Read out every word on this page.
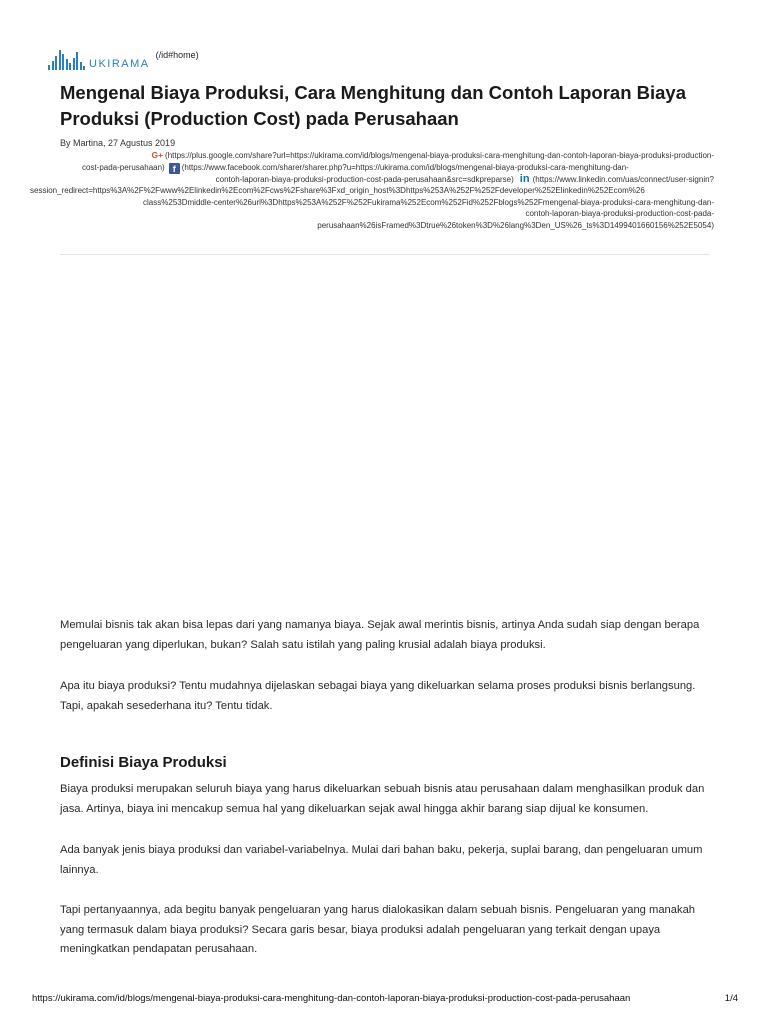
UKIRAMA
(/id#home)
Mengenal Biaya Produksi, Cara Menghitung dan Contoh Laporan Biaya Produksi (Production Cost) pada Perusahaan
By Martina, 27 Agustus 2019
G+ (https://plus.google.com/share?url=https://ukirama.com/id/blogs/mengenal-biaya-produksi-cara-menghitung-dan-contoh-laporan-biaya-produksi-production-
cost-pada-perusahaan) f (https://www.facebook.com/sharer/sharer.php?u=https://ukirama.com/id/blogs/mengenal-biaya-produksi-cara-menghitung-dan-
contoh-laporan-biaya-produksi-production-cost-pada-perusahaan&src=sdkpreparse) in (https://www.linkedin.com/uas/connect/user-signin?
session_redirect=https%3A%2F%2Fwww%2Elinkedin%2Ecom%2Fcws%2Fshare%3Fxd_origin_host%3Dhttps%253A%252F%252Fdeveloper%252Elinkedin%252Ecom%26
class%253Dmiddle-center%26url%3Dhttps%253A%252F%252Fukirama%252Ecom%252Fid%252Fblogs%252Fmengenal-biaya-produksi-cara-menghitung-dan-
contoh-laporan-biaya-produksi-production-cost-pada-
perusahaan%26isFramed%3Dtrue%26token%3D%26lang%3Den_US%26_ts%3D1499401660156%252E5054)

Memulai bisnis tak akan bisa lepas dari yang namanya biaya. Sejak awal merintis bisnis, artinya Anda sudah siap dengan berapa pengeluaran yang diperlukan, bukan? Salah satu istilah yang paling krusial adalah biaya produksi.

Apa itu biaya produksi? Tentu mudahnya dijelaskan sebagai biaya yang dikeluarkan selama proses produksi bisnis berlangsung. Tapi, apakah sesederhana itu? Tentu tidak.

Definisi Biaya Produksi

Biaya produksi merupakan seluruh biaya yang harus dikeluarkan sebuah bisnis atau perusahaan dalam menghasilkan produk dan jasa. Artinya, biaya ini mencakup semua hal yang dikeluarkan sejak awal hingga akhir barang siap dijual ke konsumen.

Ada banyak jenis biaya produksi dan variabel-variabelnya. Mulai dari bahan baku, pekerja, suplai barang, dan pengeluaran umum lainnya.

Tapi pertanyaannya, ada begitu banyak pengeluaran yang harus dialokasikan dalam sebuah bisnis. Pengeluaran yang manakah yang termasuk dalam biaya produksi? Secara garis besar, biaya produksi adalah pengeluaran yang terkait dengan upaya meningkatkan pendapatan perusahaan.

https://ukirama.com/id/blogs/mengenal-biaya-produksi-cara-menghitung-dan-contoh-laporan-biaya-produksi-production-cost-pada-perusahaan	1/4
